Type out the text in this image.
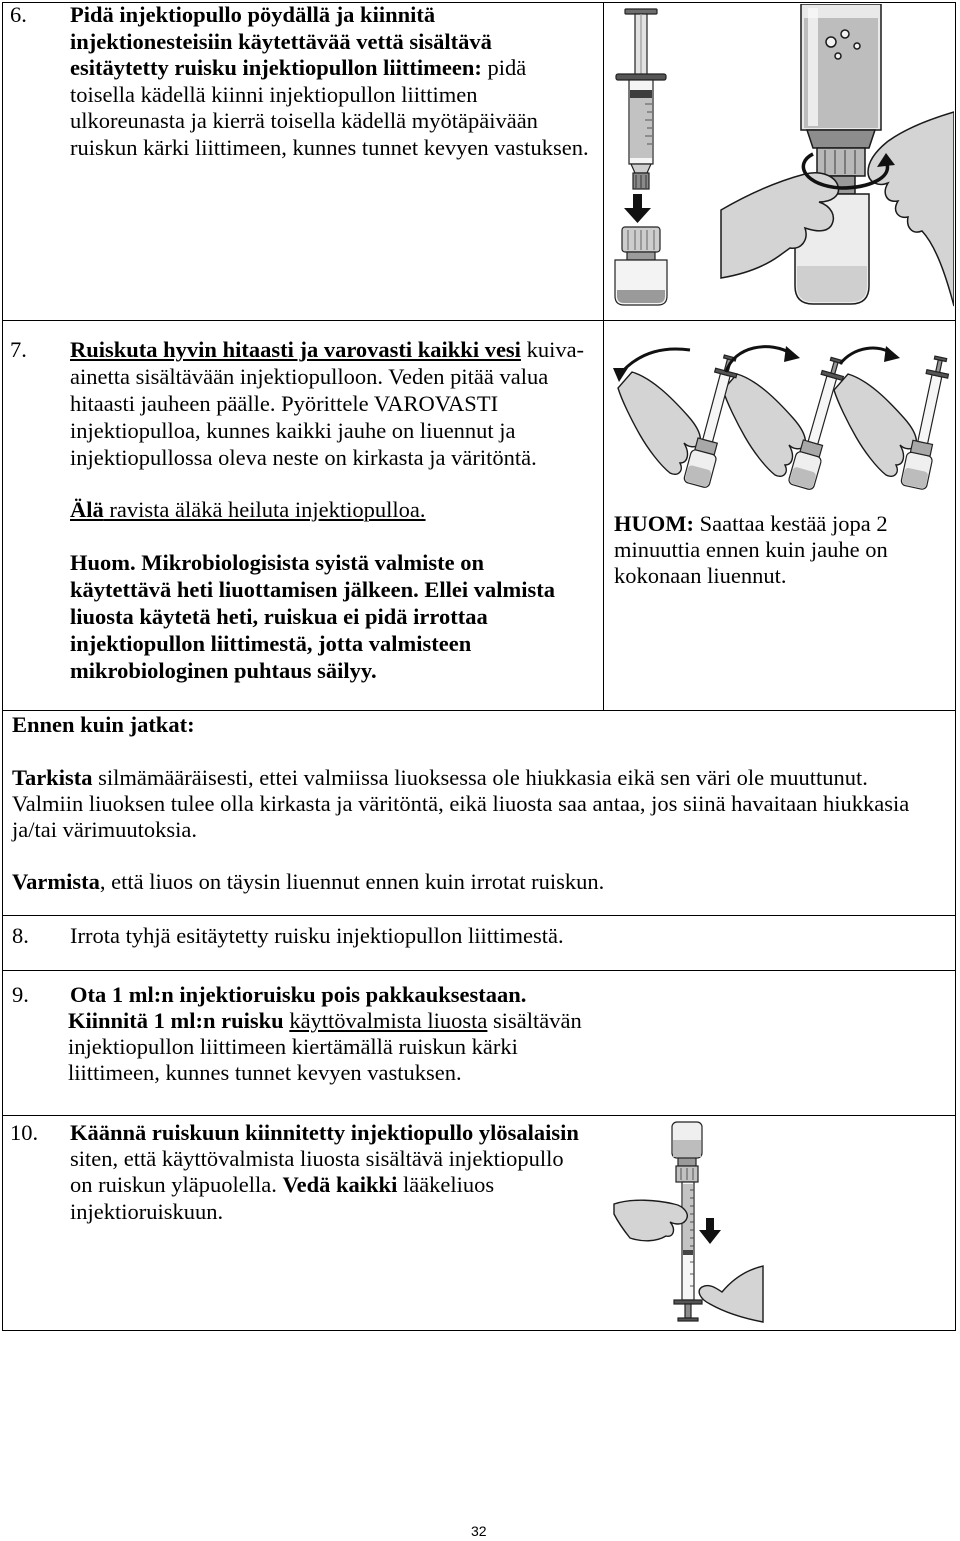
6. Pidä injektiopullo pöydällä ja kiinnitä
injektionesteisiin käytettävää vettä sisältävä
esitäytetty ruisku injektiopullon liittimeen: pidä
toisella kädellä kiinni injektiopullon liittimen
ulkoreunasta ja kierrä toisella kädellä myötäpäivään
ruiskun kärki liittimeen, kunnes tunnet kevyen vastuksen.
7. Ruiskuta hyvin hitaasti ja varovasti kaikki vesi kuiva-
ainetta sisältävään injektiopulloon. Veden pitää valua
hitaasti jauheen päälle. Pyörittele VAROVASTI
injektiopulloa, kunnes kaikki jauhe on liuennut ja
injektiopullossa oleva neste on kirkasta ja väritöntä.
Älä ravista äläkä heiluta injektiopulloa.
Huom. Mikrobiologisista syistä valmiste on
käytettävä heti liuottamisen jälkeen. Ellei valmista
liuosta käytetä heti, ruiskua ei pidä irrottaa
injektiopullon liittimestä, jotta valmisteen
mikrobiologinen puhtaus säilyy.
HUOM: Saattaa kestää jopa 2
minuuttia ennen kuin jauhe on
kokonaan liuennut.
Ennen kuin jatkat:
Tarkista silmämääräisesti, ettei valmiissa liuoksessa ole hiukkasia eikä sen väri ole muuttunut.
Valmiin liuoksen tulee olla kirkasta ja väritöntä, eikä liuosta saa antaa, jos siinä havaitaan hiukkasia
ja/tai värimuutoksia.
Varmista, että liuos on täysin liuennut ennen kuin irrotat ruiskun.
8. Irrota tyhjä esitäytetty ruisku injektiopullon liittimestä.
9. Ota 1 ml:n injektioruisku pois pakkauksestaan.
Kiinnitä 1 ml:n ruisku käyttövalmista liuosta sisältävän
injektiopullon liittimeen kiertämällä ruiskun kärki
liittimeen, kunnes tunnet kevyen vastuksen.
10. Käännä ruiskuun kiinnitetty injektiopullo ylösalaisin
siten, että käyttövalmista liuosta sisältävä injektiopullo
on ruiskun yläpuolella. Vedä kaikki lääkeliuos
injektioruiskuun.
32
